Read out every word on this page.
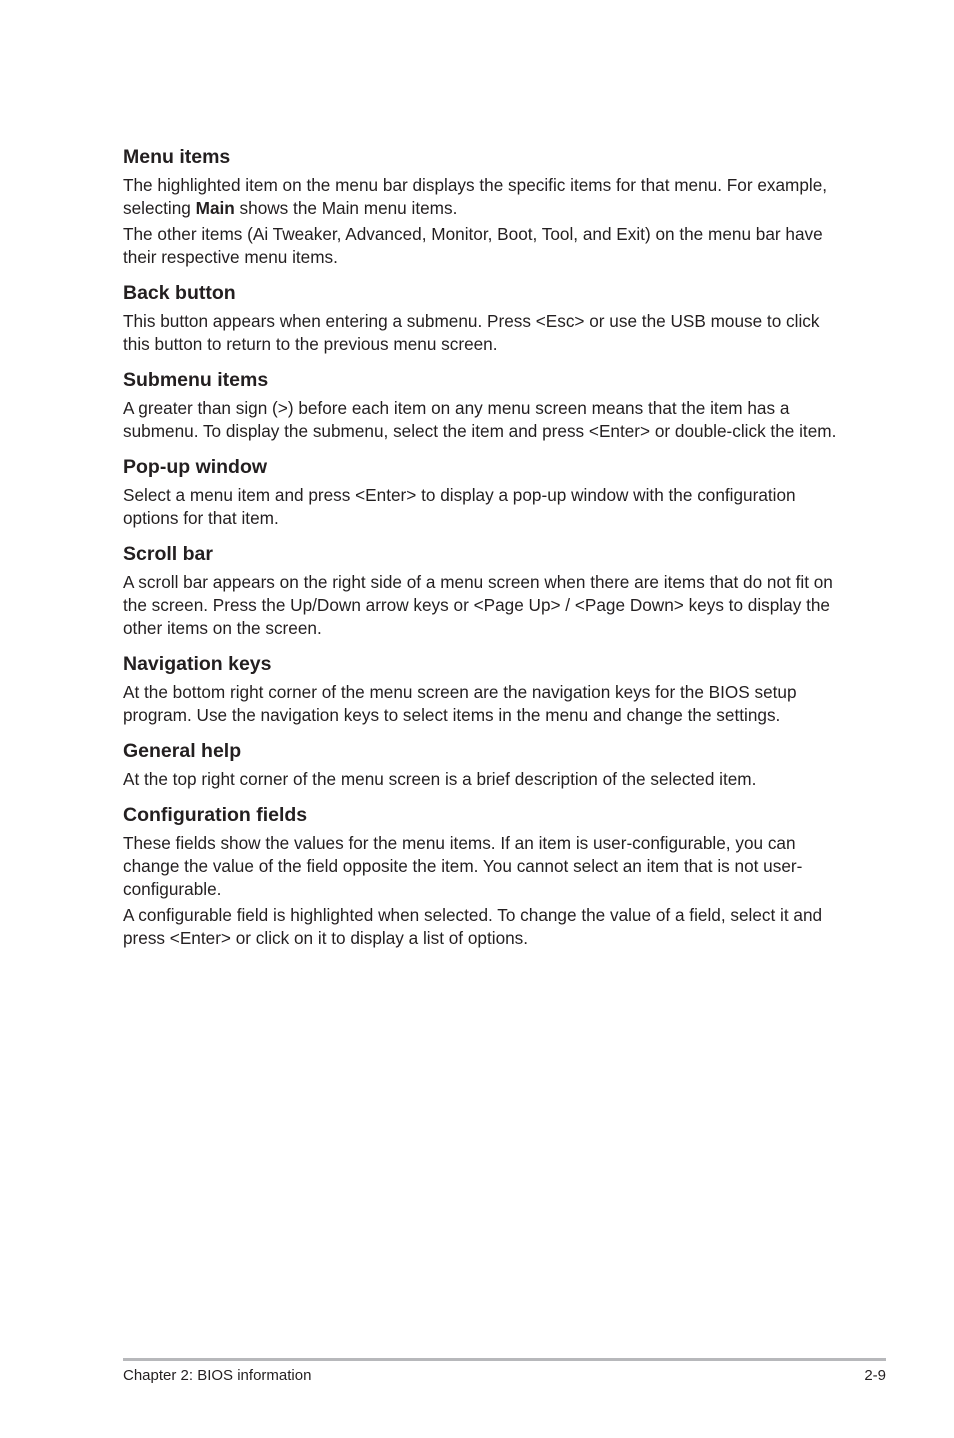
Menu items

The highlighted item on the menu bar displays the specific items for that menu. For example, selecting Main shows the Main menu items.

The other items (Ai Tweaker, Advanced, Monitor, Boot, Tool, and Exit) on the menu bar have their respective menu items.

Back button

This button appears when entering a submenu. Press <Esc> or use the USB mouse to click this button to return to the previous menu screen.

Submenu items

A greater than sign (>) before each item on any menu screen means that the item has a submenu. To display the submenu, select the item and press <Enter> or double-click the item.

Pop-up window

Select a menu item and press <Enter> to display a pop-up window with the configuration options for that item.

Scroll bar

A scroll bar appears on the right side of a menu screen when there are items that do not fit on the screen. Press the Up/Down arrow keys or <Page Up> / <Page Down> keys to display the other items on the screen.

Navigation keys

At the bottom right corner of the menu screen are the navigation keys for the BIOS setup program. Use the navigation keys to select items in the menu and change the settings.

General help

At the top right corner of the menu screen is a brief description of the selected item.

Configuration fields

These fields show the values for the menu items. If an item is user-configurable, you can change the value of the field opposite the item. You cannot select an item that is not user-configurable.

A configurable field is highlighted when selected. To change the value of a field, select it and press <Enter> or click on it to display a list of options.

Chapter 2: BIOS information	2-9
